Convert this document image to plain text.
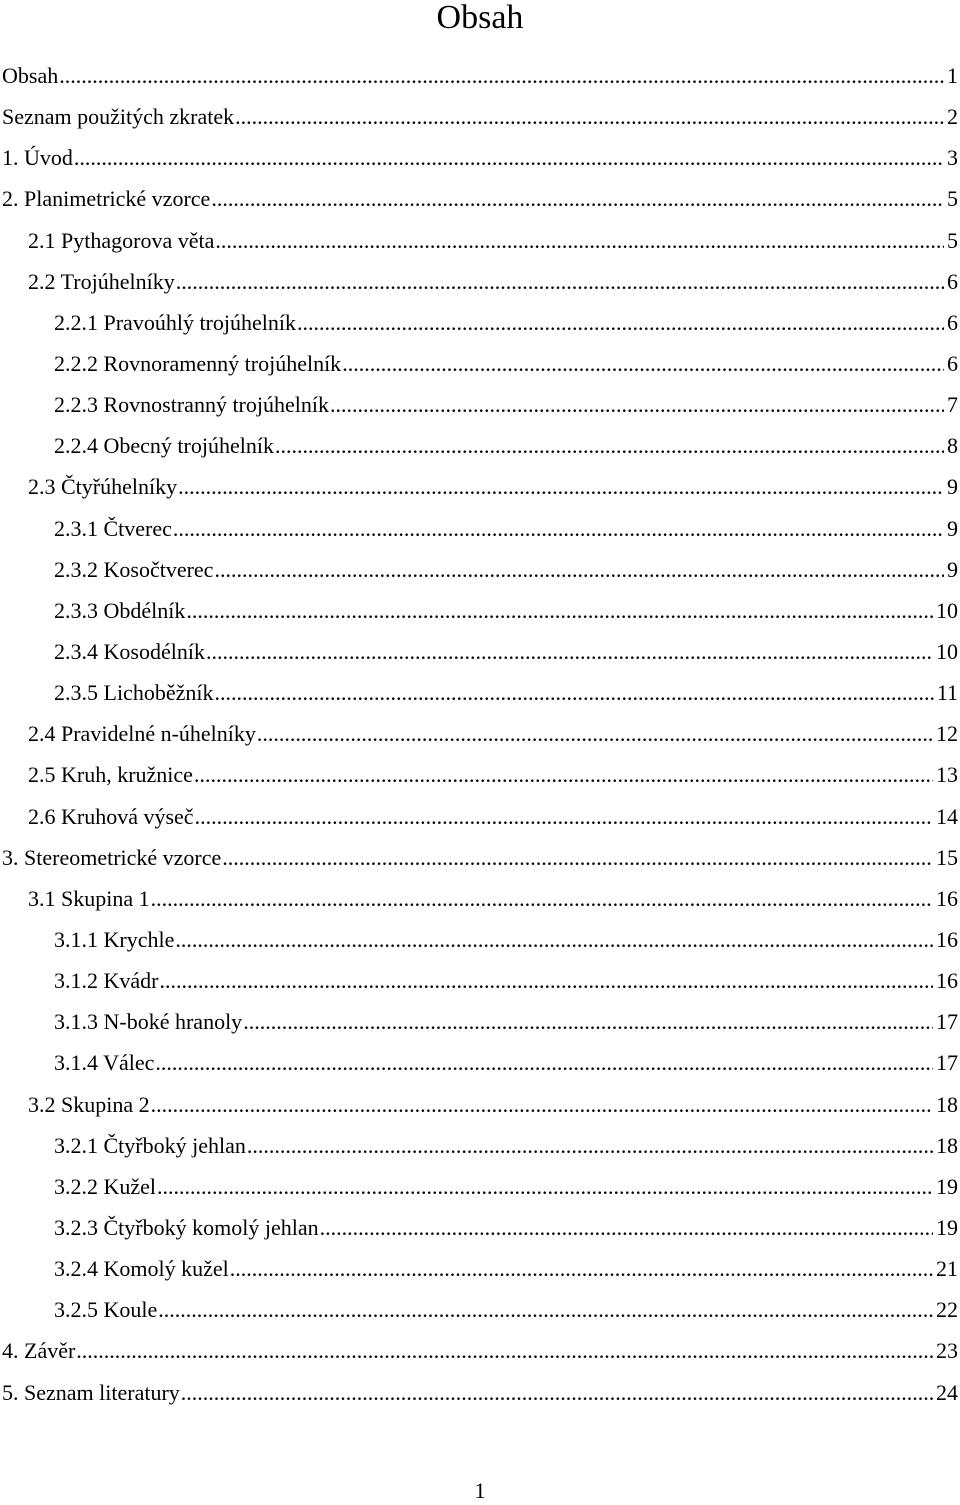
Obsah
Obsah .....	1
Seznam použitých zkratek .....	2
1. Úvod .....	3
2. Planimetrické vzorce .....	5
2.1 Pythagorova věta .....	5
2.2 Trojúhelníky .....	6
2.2.1 Pravoúhlý trojúhelník .....	6
2.2.2 Rovnoramenný trojúhelník .....	6
2.2.3 Rovnostranný trojúhelník .....	7
2.2.4 Obecný trojúhelník .....	8
2.3 Čtyřúhelníky .....	9
2.3.1 Čtverec .....	9
2.3.2 Kosočtverec .....	9
2.3.3 Obdélník .....	10
2.3.4 Kosodélník .....	10
2.3.5 Lichoběžník .....	11
2.4 Pravidelné n-úhelníky .....	12
2.5 Kruh, kružnice .....	13
2.6 Kruhová výseč .....	14
3. Stereometrické vzorce .....	15
3.1 Skupina 1 .....	16
3.1.1 Krychle .....	16
3.1.2 Kvádr .....	16
3.1.3 N-boké hranoly .....	17
3.1.4 Válec .....	17
3.2 Skupina 2 .....	18
3.2.1 Čtyřboký jehlan .....	18
3.2.2 Kužel .....	19
3.2.3 Čtyřboký komolý jehlan .....	19
3.2.4 Komolý kužel .....	21
3.2.5 Koule .....	22
4. Závěr .....	23
5. Seznam literatury .....	24
1
